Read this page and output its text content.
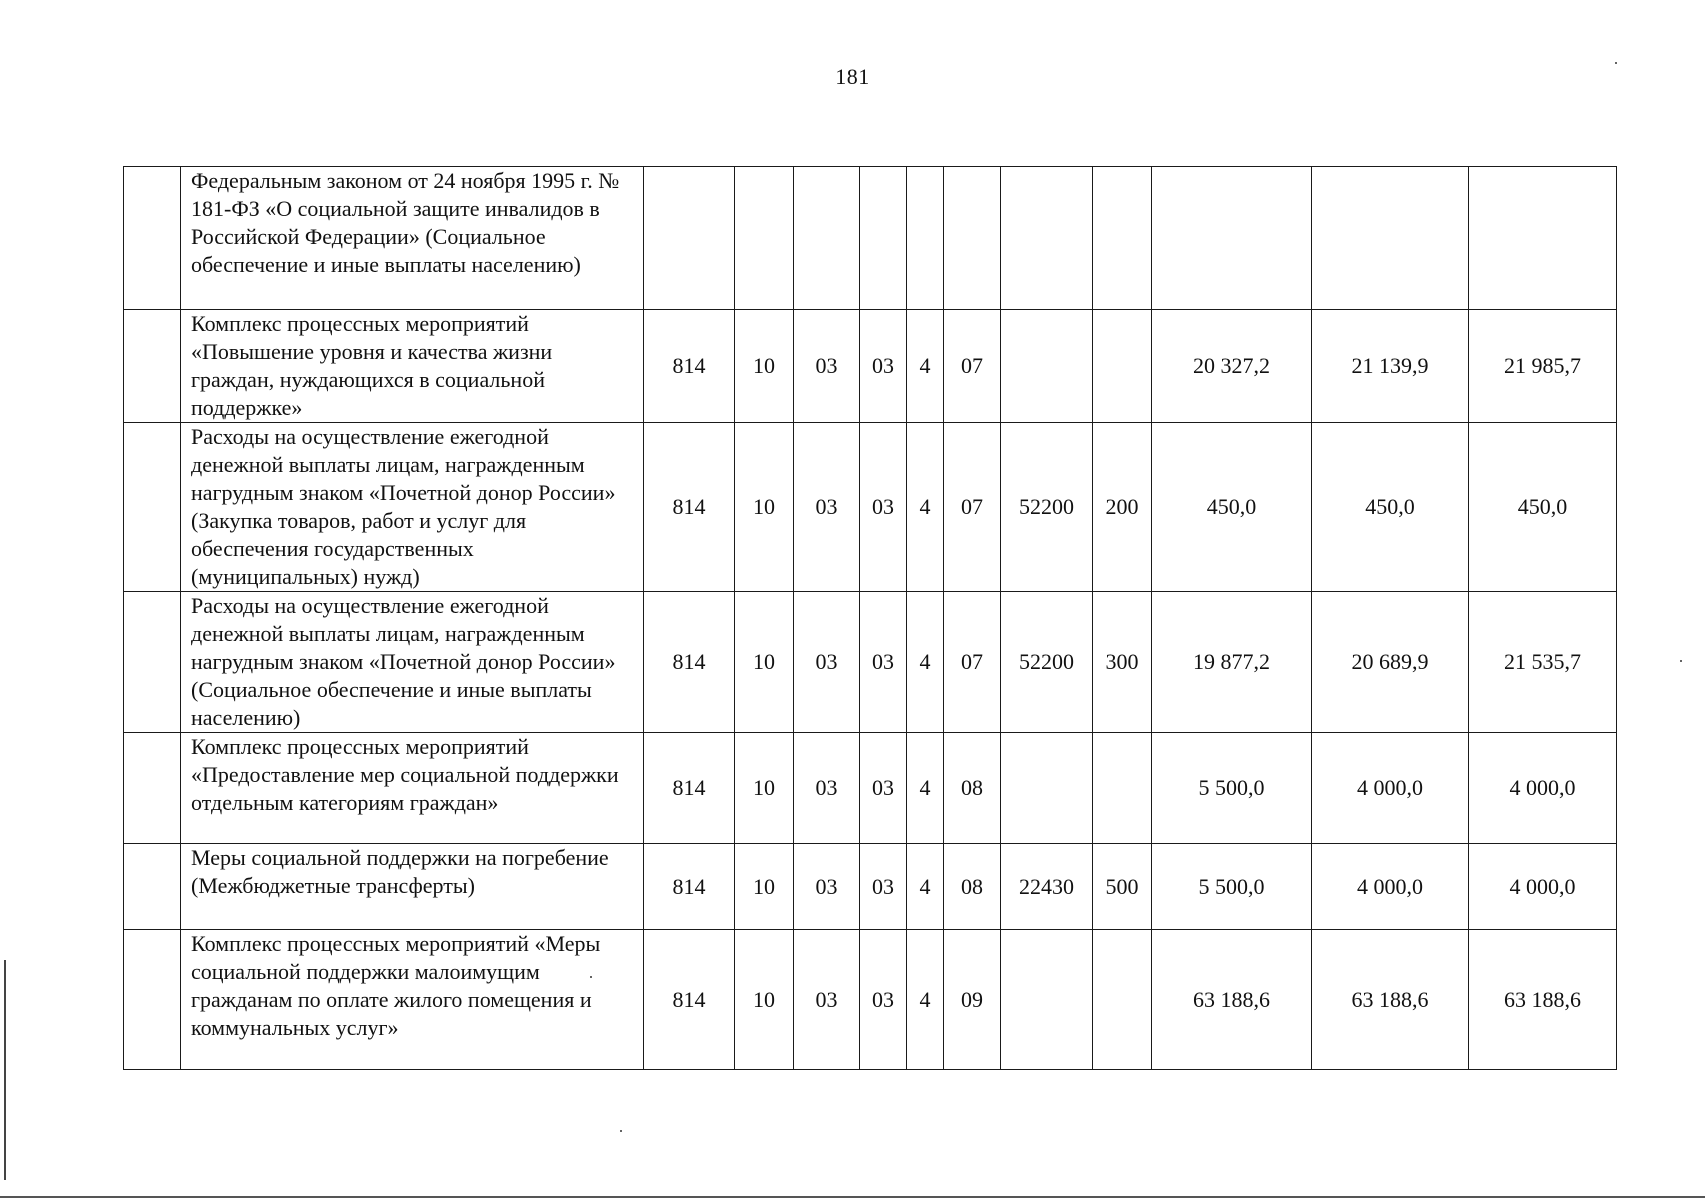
181
	Федеральным законом от 24 ноября 1995 г. № 181-ФЗ «О социальной защите инвалидов в Российской Федерации» (Социальное обеспечение и иные выплаты населению)											
	Комплекс процессных мероприятий «Повышение уровня и качества жизни граждан, нуждающихся в социальной поддержке»	814	10	03	03	4	07			20 327,2	21 139,9	21 985,7
	Расходы на осуществление ежегодной денежной выплаты лицам, награжденным нагрудным знаком «Почетной донор России» (Закупка товаров, работ и услуг для обеспечения государственных (муниципальных) нужд)	814	10	03	03	4	07	52200	200	450,0	450,0	450,0
	Расходы на осуществление ежегодной денежной выплаты лицам, награжденным нагрудным знаком «Почетной донор России» (Социальное обеспечение и иные выплаты населению)	814	10	03	03	4	07	52200	300	19 877,2	20 689,9	21 535,7
	Комплекс процессных мероприятий «Предоставление мер социальной поддержки отдельным категориям граждан»	814	10	03	03	4	08			5 500,0	4 000,0	4 000,0
	Меры социальной поддержки на погребение (Межбюджетные трансферты)	814	10	03	03	4	08	22430	500	5 500,0	4 000,0	4 000,0
	Комплекс процессных мероприятий «Меры социальной поддержки малоимущим гражданам по оплате жилого помещения и коммунальных услуг»	814	10	03	03	4	09			63 188,6	63 188,6	63 188,6
